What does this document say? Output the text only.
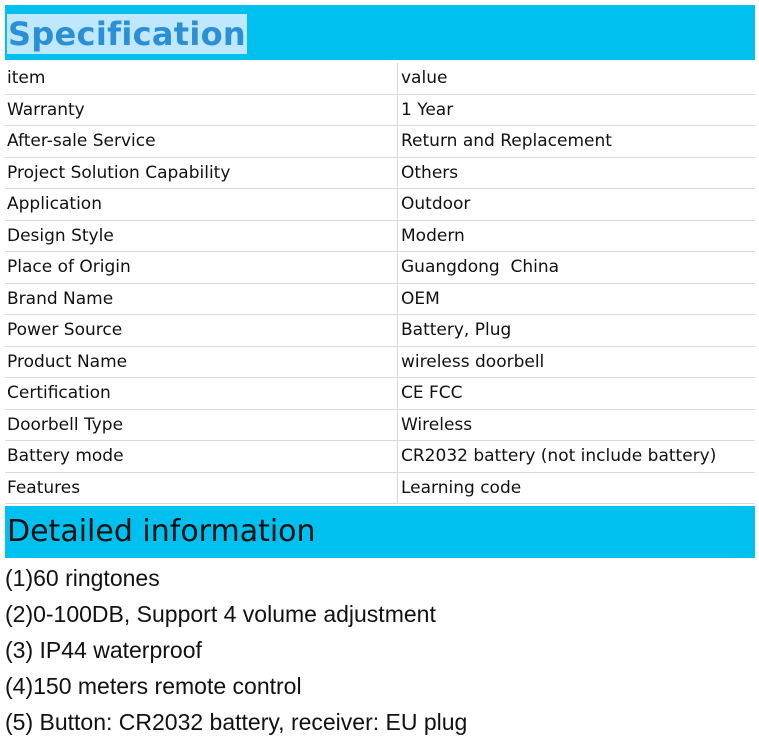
Specification
item	value
Warranty	1 Year
After-sale Service	Return and Replacement
Project Solution Capability	Others
Application	Outdoor
Design Style	Modern
Place of Origin	Guangdong  China
Brand Name	OEM
Power Source	Battery, Plug
Product Name	wireless doorbell
Certification	CE FCC
Doorbell Type	Wireless
Battery mode	CR2032 battery (not include battery)
Features	Learning code
Detailed information
(1)60 ringtones
(2)0-100DB, Support 4 volume adjustment
(3) IP44 waterproof
(4)150 meters remote control
(5) Button: CR2032 battery, receiver: EU plug
